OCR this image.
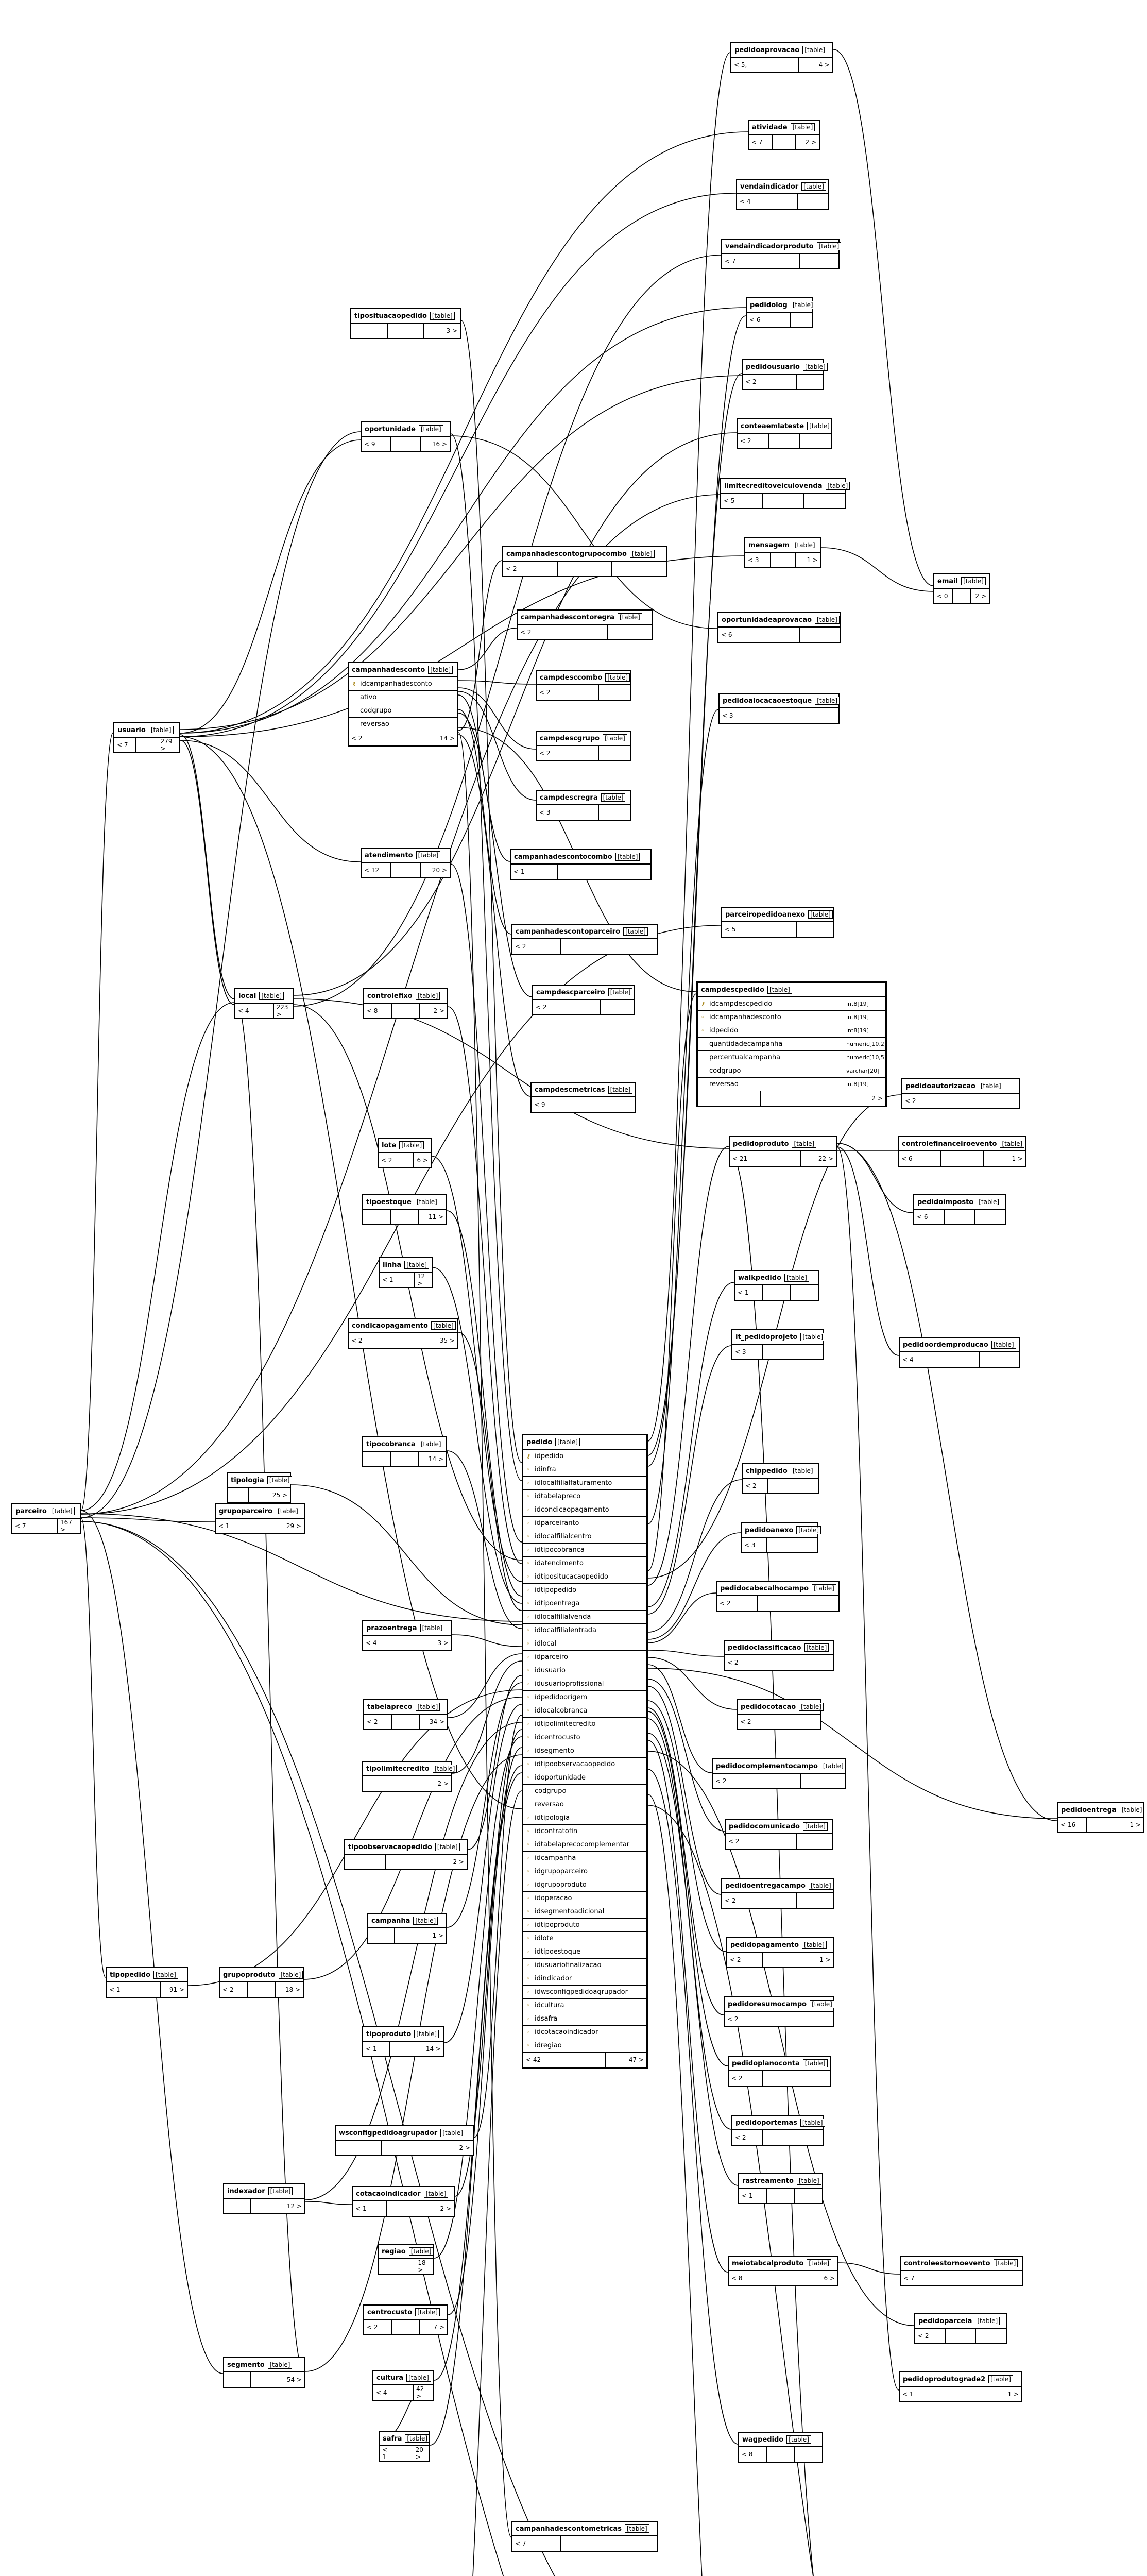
pedidoaprovacao [table]
< 5,	4 >
atividade [table]
< 7	2 >
vendaindicador [table]
< 4
vendaindicadorproduto [table]
< 7
pedidolog [table]
< 6
tiposituacaopedido [table]
3 >
pedidousuario [table]
< 2
oportunidade [table]
< 9	16 >
conteaemlateste [table]
< 2
limitecreditoveiculovenda [table]
< 5
mensagem [table]
< 3	1 >
email [table]
< 0	2 >
campanhadescontogrupocombo [table]
< 2
oportunidadeaprovacao [table]
< 6
campanhadescontoregra [table]
< 2
usuario [table]
< 7	279 >
campanhadesconto [table]
⚷ idcampanhadesconto
ativo
codgrupo
reversao
< 2	14 >
campdesccombo [table]
< 2
pedidoalocacaoestoque [table]
< 3
campdescgrupo [table]
< 2
campdescregra [table]
< 3
campanhadescontocombo [table]
< 1
atendimento [table]
< 12	20 >
parceiropedidoanexo [table]
< 5
campanhadescontoparceiro [table]
< 2
campdescparceiro [table]
< 2
local [table]
< 4	223 >
controlefixo [table]
< 8	2 >
campdescpedido [table]
⚷ idcampdescpedido	int8[19]
◦ idcampanhadesconto	int8[19]
◦ idpedido	int8[19]
quantidadecampanha	numeric[10,2]
percentualcampanha	numeric[10,5]
codgrupo	varchar[20]
reversao	int8[19]
2 >
campdescmetricas [table]
< 9
pedidoautorizacao [table]
< 2
lote [table]
< 2	6 >
pedidoproduto [table]
< 21	22 >
controlefinanceiroevento [table]
< 6	1 >
tipoestoque [table]
11 >
pedidoimposto [table]
< 6
linha [table]
< 1	12 >
walkpedido [table]
< 1
condicaopagamento [table]
< 2	35 >	it_pedidoprojeto [table]
< 3
pedidoordemproducao [table]
< 4
parceiro [table]
< 7	167 >
tipologia [table]
25 >
tipocobranca [table]
14 >
pedido [table]
⚷ idpedido
◦ idinfra
◦ idlocalfilialfaturamento
◦ idtabelapreco
◦ idcondicaopagamento
◦ idparceiranto
◦ idlocalfilialcentro
◦ idtipocobranca
◦ idatendimento
◦ idtipositucacaopedido
◦ idtipopedido
◦ idtipoentrega
◦ idlocalfilialvenda
◦ idlocalfilialentrada
◦ idlocal
◦ idparceiro
◦ idusuario
◦ idusuarioprofissional
◦ idpedidoorigem
◦ idlocalcobranca
◦ idtipolimitecredito
◦ idcentrocusto
◦ idsegmento
◦ idtipoobservacaopedido
◦ idoportunidade
codgrupo
reversao
◦ idtipologia
◦ idcontratofin
◦ idtabelaprecocomplementar
◦ idcampanha
◦ idgrupoparceiro
◦ idgrupoproduto
◦ idoperacao
◦ idsegmentoadicional
◦ idtipoproduto
◦ idlote
◦ idtipoestoque
◦ idusuariofinalizacao
◦ idindicador
◦ idwsconfigpedidoagrupador
◦ idcultura
◦ idsafra
◦ idcotacaoindicador
◦ idregiao
< 42	47 >
chippedido [table]
< 2
grupoparceiro [table]
< 1	29 >
pedidoanexo [table]
< 3
pedidocabecalhocampo [table]
< 2
prazoentrega [table]
< 4	3 >
pedidoclassificacao [table]
< 2
tabelapreco [table]
< 2	34 >
pedidocotacao [table]
< 2
tipolimitecredito [table]
2 >
pedidocomplementocampo [table]
< 2
pedidoentrega [table]
< 16	1 >
tipoobservacaopedido [table]
2 >
pedidocomunicado [table]
< 2
campanha [table]
1 >
pedidoentregacampo [table]
< 2
tipopedido [table]
< 1	91 >
grupoproduto [table]
< 2	18 >
pedidopagamento [table]
< 2	1 >
tipoproduto [table]
< 1	14 >
pedidoresumocampo [table]
< 2
pedidoplanoconta [table]
< 2
wsconfigpedidoagrupador [table]
2 >
pedidoportemas [table]
< 2
indexador [table]
12 >
cotacaoindicador [table]
< 1	2 >
rastreamento [table]
< 1
regiao [table]
18 >
meiotabcalproduto [table]
< 8	6 >
controleestornoevento [table]
< 7
centrocusto [table]
< 2	7 >
pedidoparcela [table]
< 2
segmento [table]
54 >	pedidoprodutograde2 [table]
< 1	1 >
cultura [table]
< 4	42 >
wagpedido [table]
< 8
safra [table]
< 1
20 >
campanhadescontometricas [table]
< 7
